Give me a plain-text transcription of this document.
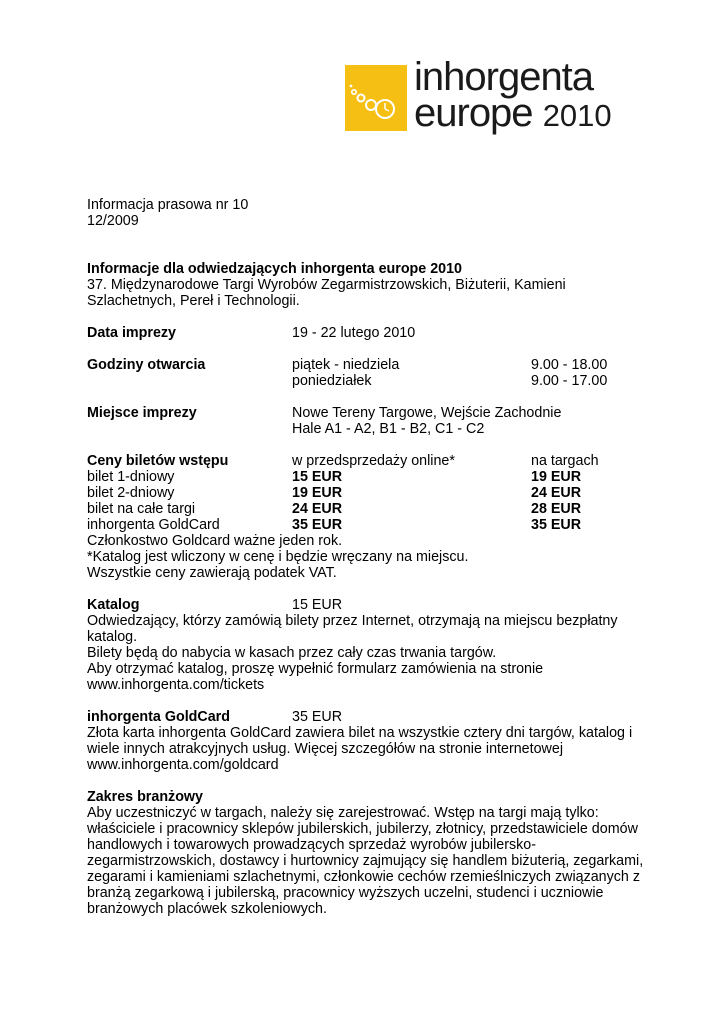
inhorgenta
europe 2010

Informacja prasowa nr 10

12/2009

Informacje dla odwiedzających inhorgenta europe 2010

37. Międzynarodowe Targi Wyrobów Zegarmistrzowskich, Biżuterii, Kamieni

Szlachetnych, Pereł i Technologii.

Data imprezy	19 - 22 lutego 2010
Godziny otwarcia	piątek - niedziela	9.00 - 18.00
poniedziałek	9.00 - 17.00
Miejsce imprezy	Nowe Tereny Targowe, Wejście Zachodnie
Hale A1 - A2, B1 - B2, C1 - C2
Ceny biletów wstępu	w przedsprzedaży online*	na targach
bilet 1-dniowy	15 EUR	19 EUR
bilet 2-dniowy	19 EUR	24 EUR
bilet na całe targi	24 EUR	28 EUR
inhorgenta GoldCard	35 EUR	35 EUR

Członkostwo Goldcard ważne jeden rok.

*Katalog jest wliczony w cenę i będzie wręczany na miejscu.

Wszystkie ceny zawierają podatek VAT.

Katalog	15 EUR

Odwiedzający, którzy zamówią bilety przez Internet, otrzymają na miejscu bezpłatny

katalog.

Bilety będą do nabycia w kasach przez cały czas trwania targów.

Aby otrzymać katalog, proszę wypełnić formularz zamówienia na stronie

www.inhorgenta.com/tickets

inhorgenta GoldCard	35 EUR

Złota karta inhorgenta GoldCard zawiera bilet na wszystkie cztery dni targów, katalog i

wiele innych atrakcyjnych usług. Więcej szczegółów na stronie internetowej

www.inhorgenta.com/goldcard

Zakres branżowy

Aby uczestniczyć w targach, należy się zarejestrować. Wstęp na targi mają tylko:

właściciele i pracownicy sklepów jubilerskich, jubilerzy, złotnicy, przedstawiciele domów

handlowych i towarowych prowadzących sprzedaż wyrobów jubilersko-

zegarmistrzowskich, dostawcy i hurtownicy zajmujący się handlem biżuterią, zegarkami,

zegarami i kamieniami szlachetnymi, członkowie cechów rzemieślniczych związanych z

branżą zegarkową i jubilerską, pracownicy wyższych uczelni, studenci i uczniowie

branżowych placówek szkoleniowych.
